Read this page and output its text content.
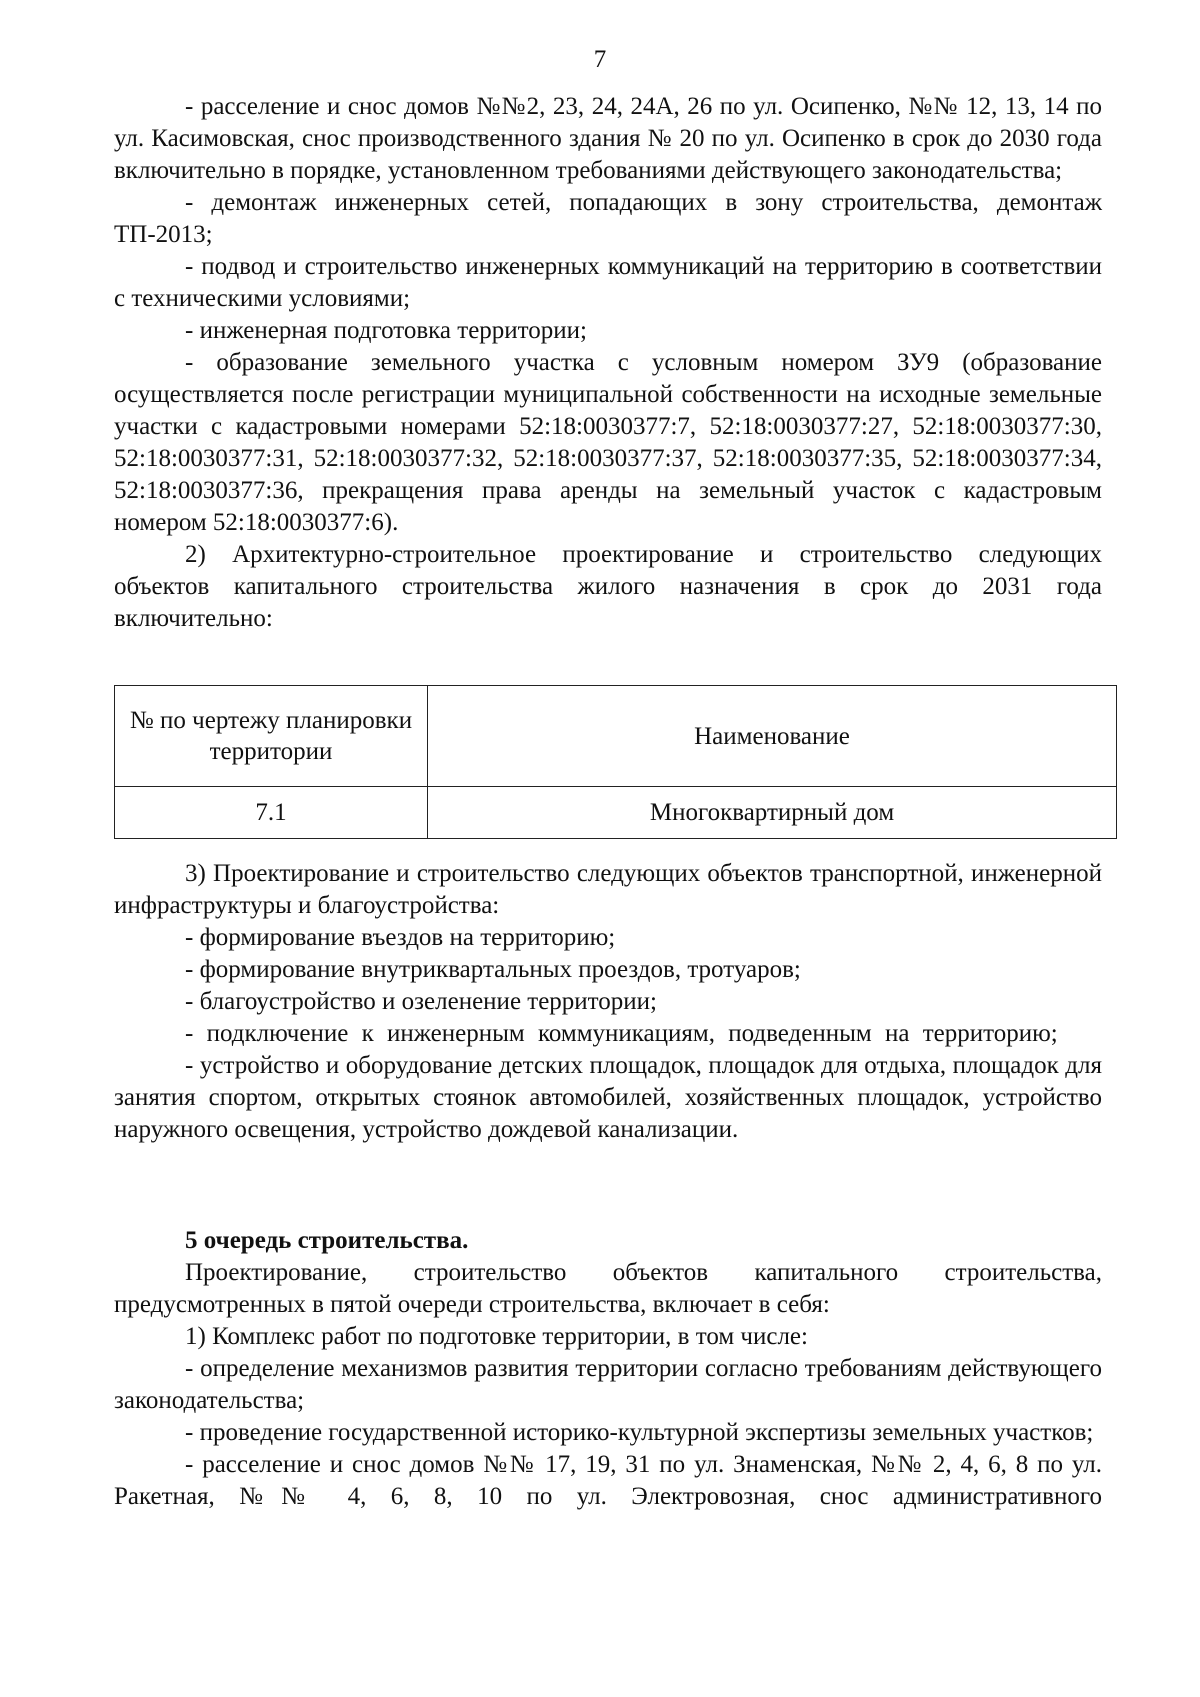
7

- расселение и снос домов №№2, 23, 24, 24А, 26 по ул. Осипенко, №№ 12, 13, 14 по ул. Касимовская, снос производственного здания № 20 по ул. Осипенко в срок до 2030 года включительно в порядке, установленном требованиями действующего законодательства;

- демонтаж инженерных сетей, попадающих в зону строительства, демонтаж ТП-2013;

- подвод и строительство инженерных коммуникаций на территорию в соответствии с техническими условиями;

- инженерная подготовка территории;

- образование земельного участка с условным номером ЗУ9 (образование осуществляется после регистрации муниципальной собственности на исходные земельные участки с кадастровыми номерами 52:18:0030377:7, 52:18:0030377:27, 52:18:0030377:30, 52:18:0030377:31, 52:18:0030377:32, 52:18:0030377:37, 52:18:0030377:35, 52:18:0030377:34, 52:18:0030377:36, прекращения права аренды на земельный участок с кадастровым номером 52:18:0030377:6).

2) Архитектурно-строительное проектирование и строительство следующих объектов капитального строительства жилого назначения в срок до 2031 года включительно:

№ по чертежу планировки территории	Наименование
7.1	Многоквартирный дом

3) Проектирование и строительство следующих объектов транспортной, инженерной инфраструктуры и благоустройства:

- формирование въездов на территорию;

- формирование внутриквартальных проездов, тротуаров;

- благоустройство и озеленение территории;

- подключение к инженерным коммуникациям, подведенным на территорию;

- устройство и оборудование детских площадок, площадок для отдыха, площадок для занятия спортом, открытых стоянок автомобилей, хозяйственных площадок, устройство наружного освещения, устройство дождевой канализации.

5 очередь строительства.

Проектирование, строительство объектов капитального строительства, предусмотренных в пятой очереди строительства, включает в себя:

1) Комплекс работ по подготовке территории, в том числе:

- определение механизмов развития территории согласно требованиям действующего законодательства;

- проведение государственной историко-культурной экспертизы земельных участков;

- расселение и снос домов №№ 17, 19, 31 по ул. Знаменская, №№ 2, 4, 6, 8 по ул. Ракетная, №№ 4, 6, 8, 10 по ул. Электровозная, снос административного
